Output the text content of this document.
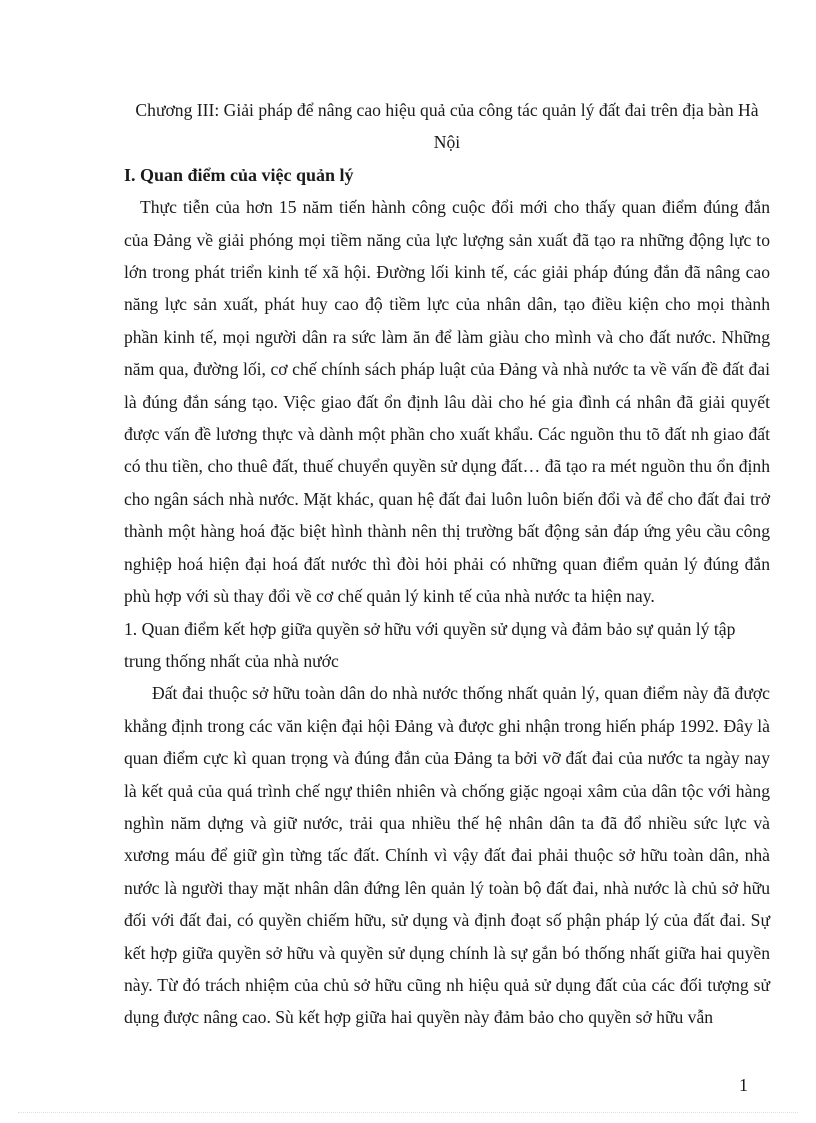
Chương III: Giải pháp để nâng cao hiệu quả của công tác quản lý đất đai trên địa bàn Hà Nội

I. Quan điểm của việc quản lý

Thực tiễn của hơn 15 năm tiến hành công cuộc đổi mới cho thấy quan điểm đúng đắn của Đảng về giải phóng mọi tiềm năng của lực lượng sản xuất đã tạo ra những động lực to lớn trong phát triển kinh tế xã hội. Đường lối kinh tế, các giải pháp đúng đắn đã nâng cao năng lực sản xuất, phát huy cao độ tiềm lực của nhân dân, tạo điều kiện cho mọi thành phần kinh tế, mọi người dân ra sức làm ăn để làm giàu cho mình và cho đất nước. Những năm qua, đường lối, cơ chế chính sách pháp luật của Đảng và nhà nước ta về vấn đề đất đai là đúng đắn sáng tạo. Việc giao đất ổn định lâu dài cho hé gia đình cá nhân đã giải quyết được vấn đề lương thực và dành một phần cho xuất khẩu. Các nguồn thu tõ đất nh giao đất có thu tiền, cho thuê đất, thuế chuyển quyền sử dụng đất… đã tạo ra mét nguồn thu ổn định cho ngân sách nhà nước. Mặt khác, quan hệ đất đai luôn luôn biến đổi và để cho đất đai trở thành một hàng hoá đặc biệt hình thành nên thị trường bất động sản đáp ứng yêu cầu công nghiệp hoá hiện đại hoá đất nước thì đòi hỏi phải có những quan điểm quản lý đúng đắn phù hợp với sù thay đổi về cơ chế quản lý kinh tế của nhà nước ta hiện nay.

1. Quan điểm kết hợp giữa quyền sở hữu với quyền sử dụng và đảm bảo sự quản lý tập trung thống nhất của nhà nước

Đất đai thuộc sở hữu toàn dân do nhà nước thống nhất quản lý, quan điểm này đã được khẳng định trong các văn kiện đại hội Đảng và được ghi nhận trong hiến pháp 1992. Đây là quan điểm cực kì quan trọng và đúng đắn của Đảng ta bởi vỡ đất đai của nước ta ngày nay là kết quả của quá trình chế ngự thiên nhiên và chống giặc ngoại xâm của dân tộc với hàng nghìn năm dựng và giữ nước, trải qua nhiều thế hệ nhân dân ta đã đổ nhiều sức lực và xương máu để giữ gìn từng tấc đất. Chính vì vậy đất đai phải thuộc sở hữu toàn dân, nhà nước là người thay mặt nhân dân đứng lên quản lý toàn bộ đất đai, nhà nước là chủ sở hữu đối với đất đai, có quyền chiếm hữu, sử dụng và định đoạt số phận pháp lý của đất đai. Sự kết hợp giữa quyền sở hữu và quyền sử dụng chính là sự gắn bó thống nhất giữa hai quyền này. Từ đó trách nhiệm của chủ sở hữu cũng nh hiệu quả sử dụng đất của các đối tượng sử dụng được nâng cao. Sù kết hợp giữa hai quyền này đảm bảo cho quyền sở hữu vẫn

1
